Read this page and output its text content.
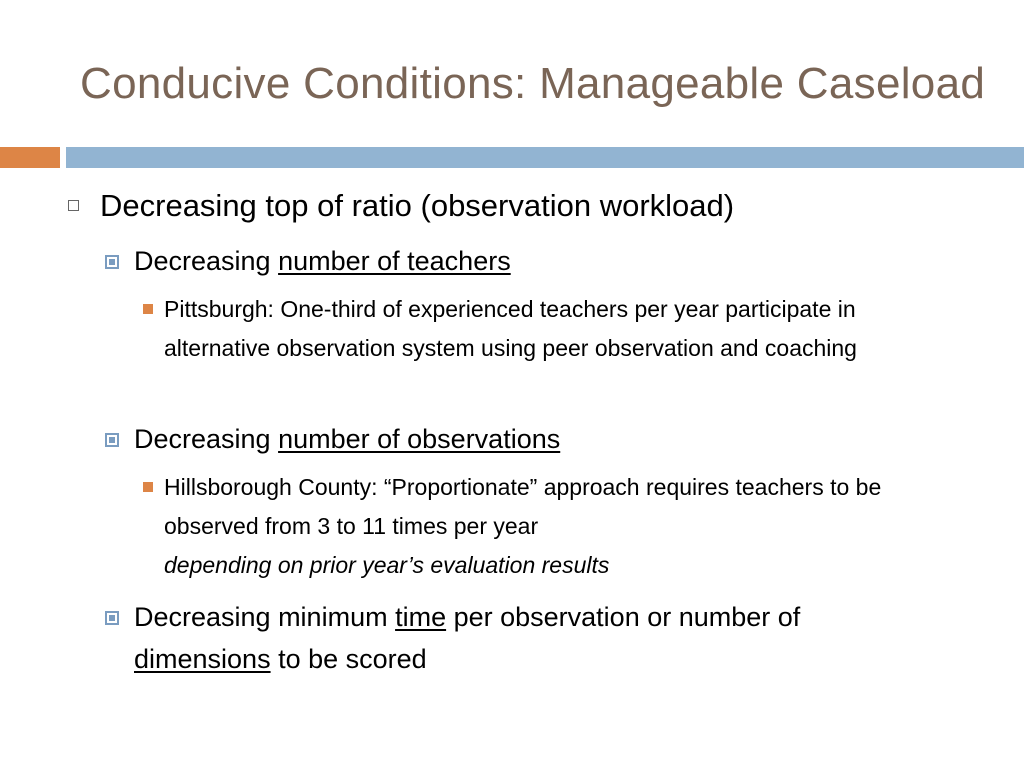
Conducive Conditions: Manageable Caseload
Decreasing top of ratio (observation workload)
Decreasing number of teachers
Pittsburgh: One-third of experienced teachers per year participate in alternative observation system using peer observation and coaching
Decreasing number of observations
Hillsborough County: “Proportionate” approach requires teachers to be observed from 3 to 11 times per year
depending on prior year’s evaluation results
Decreasing minimum time per observation or number of
dimensions to be scored
